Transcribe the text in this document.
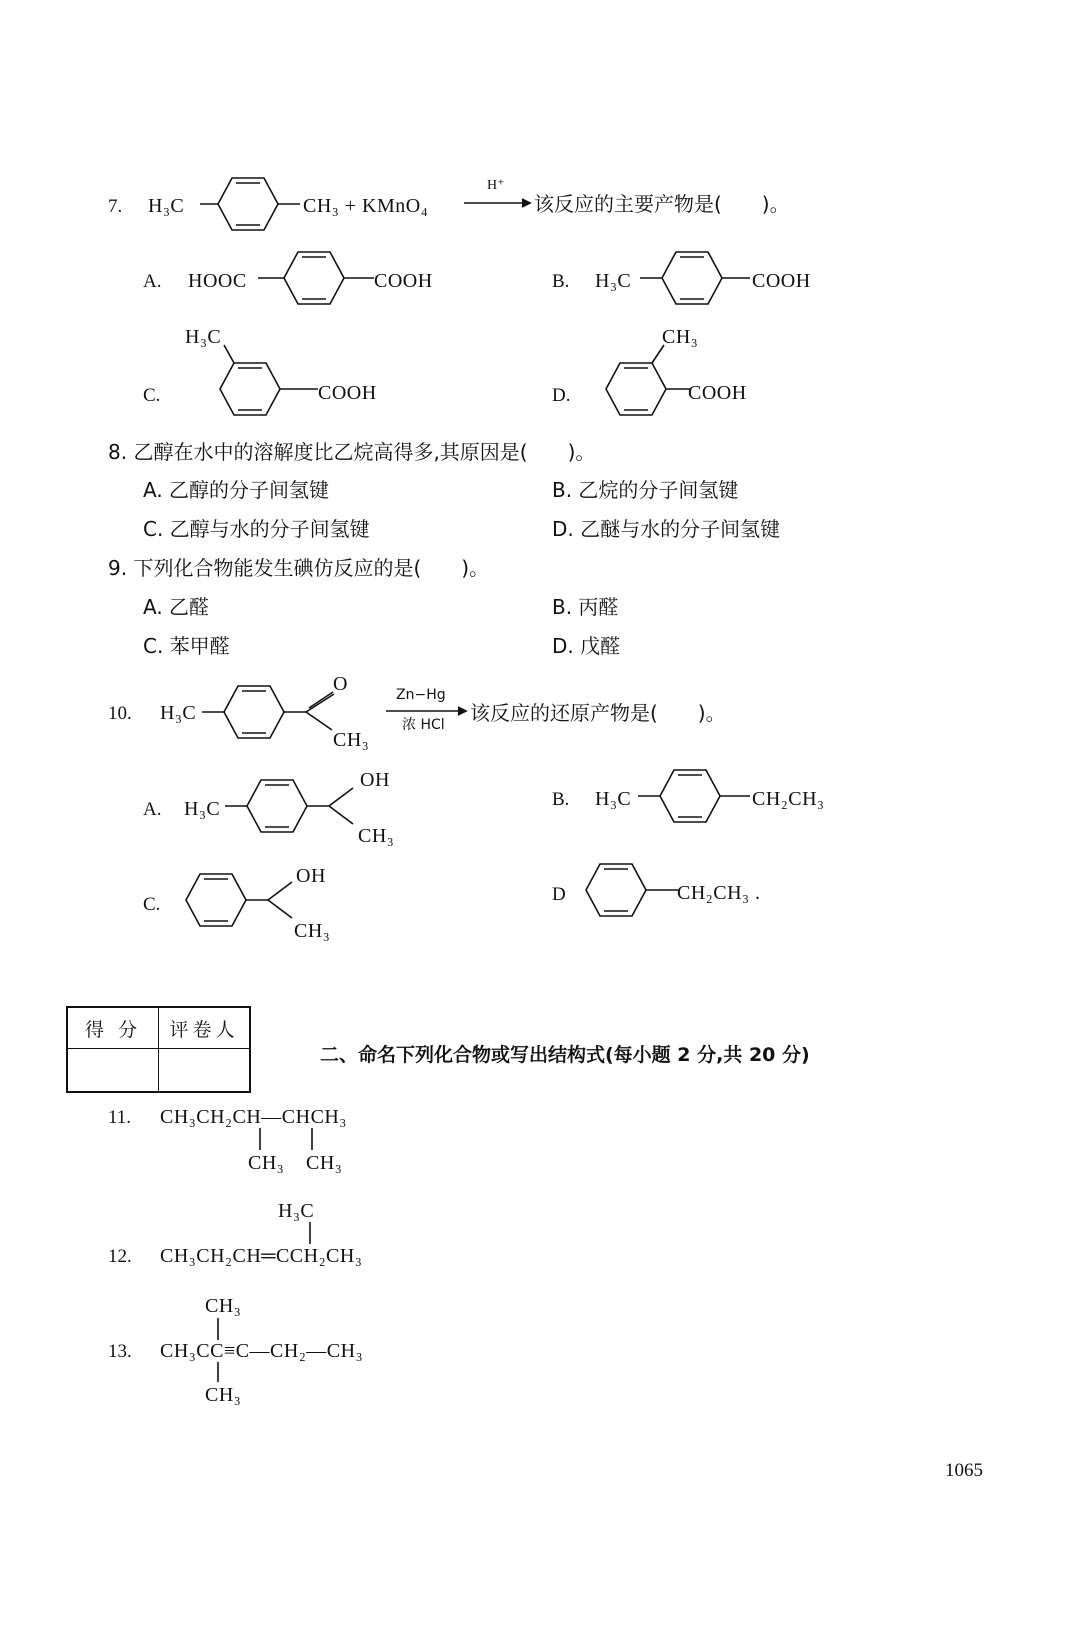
7. H₃C	CH₃ + KMnO₄
H⁺
该反应的主要产物是(　　)。
A. HOOC	COOH	B. H₃C	COOH
H₃C
C.	COOH
CH₃
D.	COOH
8. 乙醇在水中的溶解度比乙烷高得多,其原因是(　　)。
A. 乙醇的分子间氢键	B. 乙烷的分子间氢键
C. 乙醇与水的分子间氢键	D. 乙醚与水的分子间氢键
9. 下列化合物能发生碘仿反应的是(　　)。
A. 乙醛	B. 丙醛
C. 苯甲醛	D. 戊醛
10. H₃C
O
CH₃
Zn−Hg
浓 HCl 该反应的还原产物是(　　)。
A. H₃C
OH
CH₃
B. H₃C	CH₂CH₃
C.
OH
CH₃
D	CH₂CH₃ .
得 分	评卷人

二、命名下列化合物或写出结构式(每小题 2 分,共 20 分)
11. CH₃CH₂CH—CHCH₃
CH₃ CH₃
H₃C
12. CH₃CH₂CH═CCH₂CH₃
CH₃
13. CH₃CC≡C—CH₂—CH₃
CH₃
1065
